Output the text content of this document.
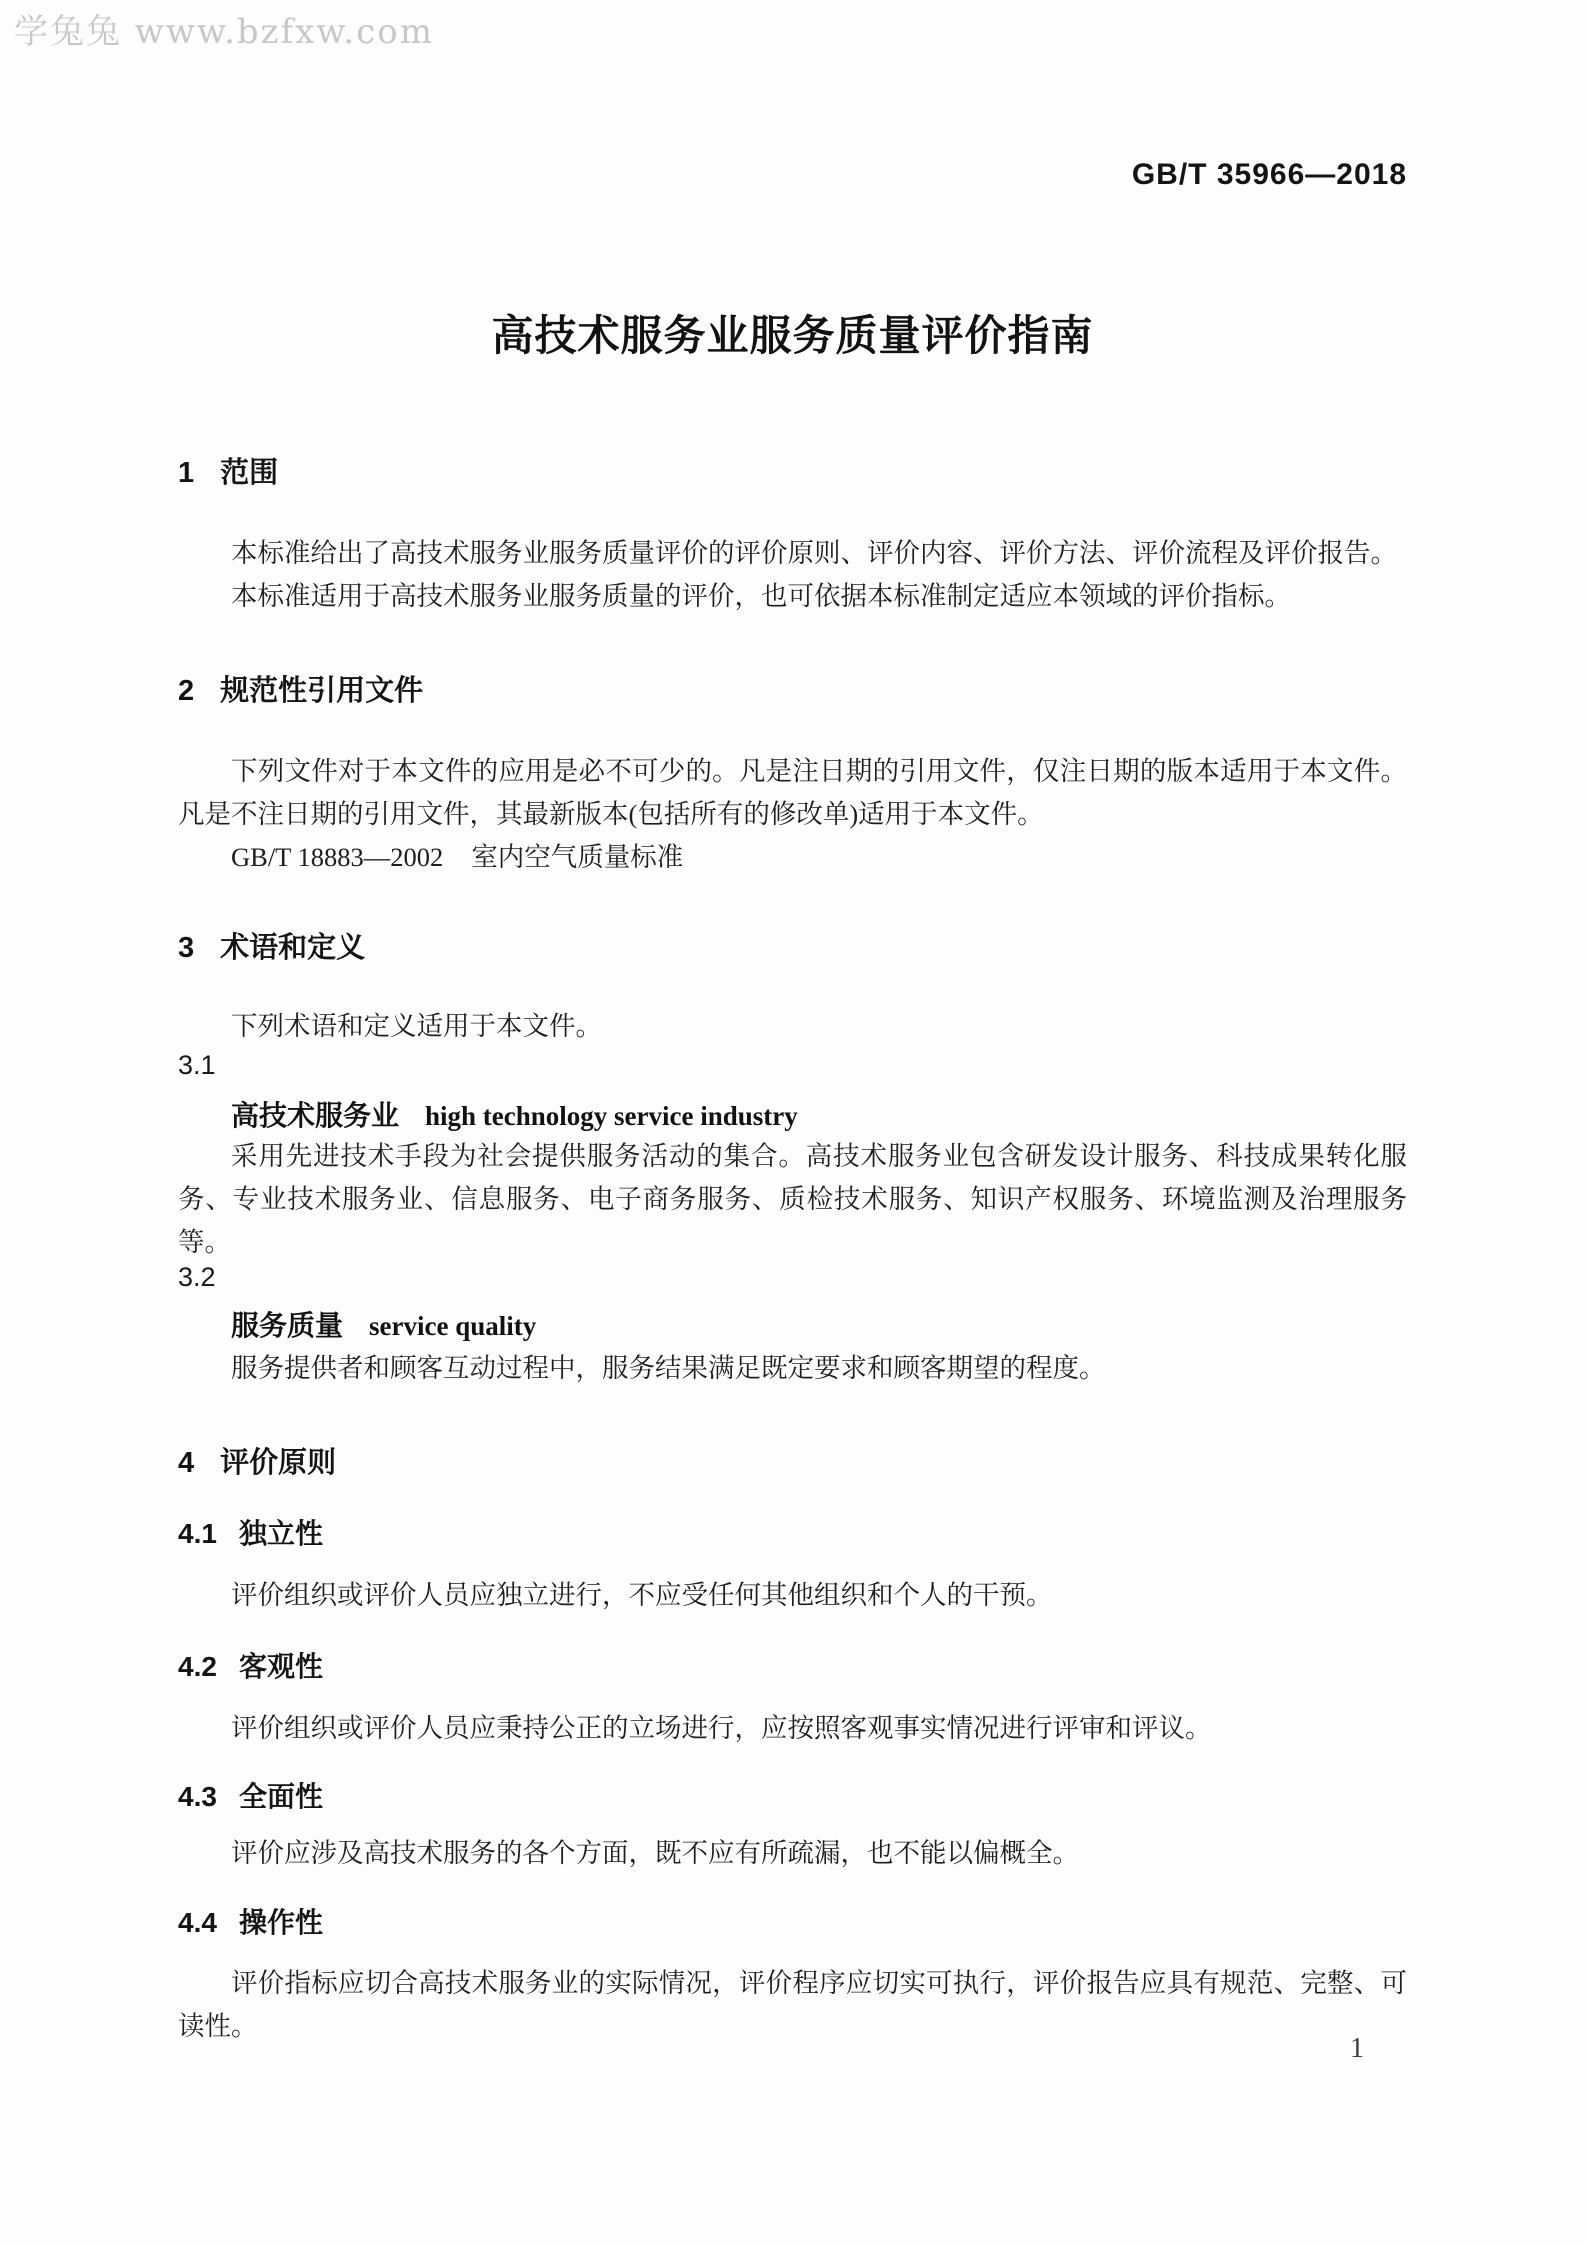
学兔兔 www.bzfxw.com
GB/T 35966—2018
高技术服务业服务质量评价指南
1 范围
本标准给出了高技术服务业服务质量评价的评价原则、评价内容、评价方法、评价流程及评价报告。
本标准适用于高技术服务业服务质量的评价，也可依据本标准制定适应本领域的评价指标。
2 规范性引用文件
下列文件对于本文件的应用是必不可少的。凡是注日期的引用文件，仅注日期的版本适用于本文件。凡是不注日期的引用文件，其最新版本(包括所有的修改单)适用于本文件。
GB/T 18883—2002 室内空气质量标准
3 术语和定义
下列术语和定义适用于本文件。
3.1
高技术服务业 high technology service industry
采用先进技术手段为社会提供服务活动的集合。高技术服务业包含研发设计服务、科技成果转化服务、专业技术服务业、信息服务、电子商务服务、质检技术服务、知识产权服务、环境监测及治理服务等。
3.2
服务质量 service quality
服务提供者和顾客互动过程中，服务结果满足既定要求和顾客期望的程度。
4 评价原则
4.1 独立性
评价组织或评价人员应独立进行，不应受任何其他组织和个人的干预。
4.2 客观性
评价组织或评价人员应秉持公正的立场进行，应按照客观事实情况进行评审和评议。
4.3 全面性
评价应涉及高技术服务的各个方面，既不应有所疏漏，也不能以偏概全。
4.4 操作性
评价指标应切合高技术服务业的实际情况，评价程序应切实可执行，评价报告应具有规范、完整、可读性。
1
